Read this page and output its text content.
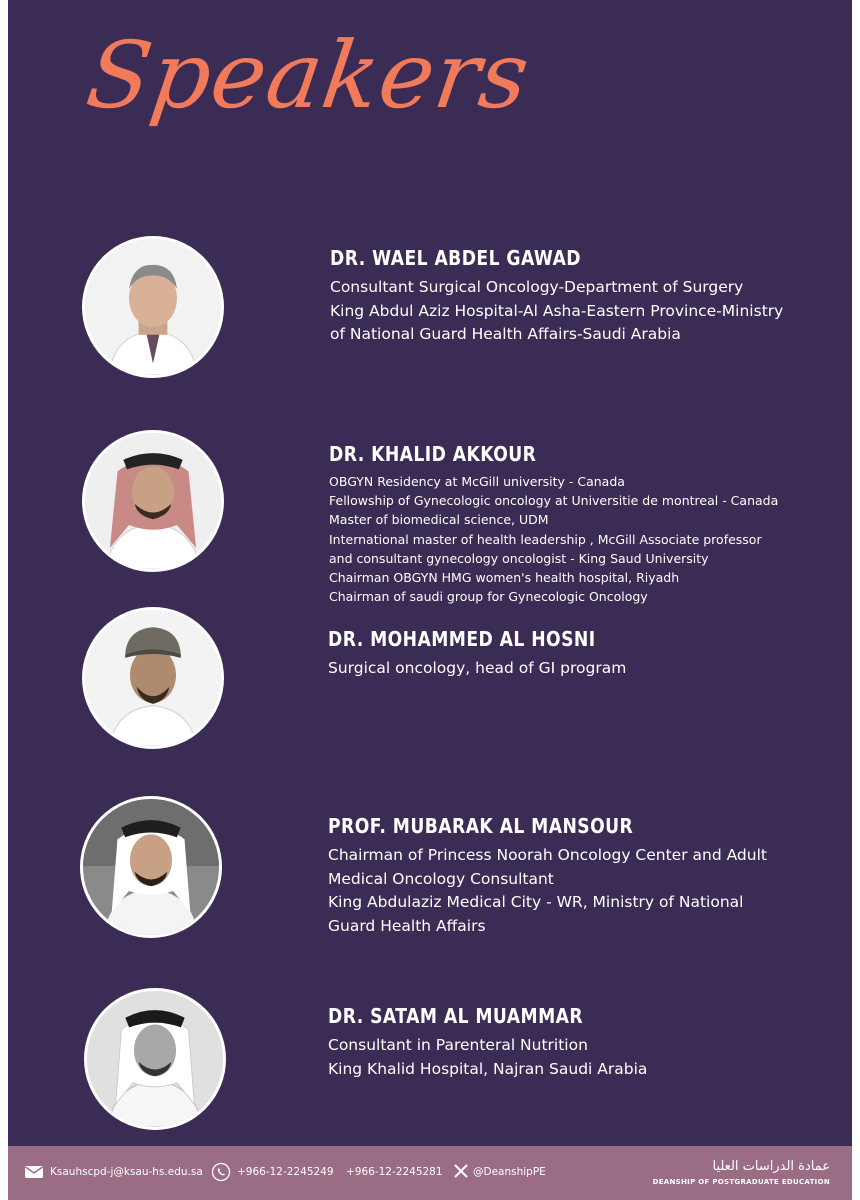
Speakers
DR. WAEL ABDEL GAWAD
Consultant Surgical Oncology-Department of Surgery
King Abdul Aziz Hospital-Al Asha-Eastern Province-Ministry
of National Guard Health Affairs-Saudi Arabia
DR. KHALID AKKOUR
OBGYN Residency at McGill university - Canada
Fellowship of Gynecologic oncology at Universitie de montreal - Canada
Master of biomedical science, UDM
International master of health leadership , McGill Associate professor
and consultant gynecology oncologist - King Saud University
Chairman OBGYN HMG women's health hospital, Riyadh
Chairman of saudi group for Gynecologic Oncology
DR. MOHAMMED AL HOSNI
Surgical oncology, head of GI program
PROF. MUBARAK AL MANSOUR
Chairman of Princess Noorah Oncology Center and Adult
Medical Oncology Consultant
King Abdulaziz Medical City - WR, Ministry of National
Guard Health Affairs
DR. SATAM AL MUAMMAR
Consultant in Parenteral Nutrition
King Khalid Hospital, Najran Saudi Arabia
Ksauhscpd-j@ksau-hs.edu.sa	+966-12-2245249 +966-12-2245281	@DeanshipPE	عمادة الدراسات العليا
DEANSHIP OF POSTGRADUATE EDUCATION
